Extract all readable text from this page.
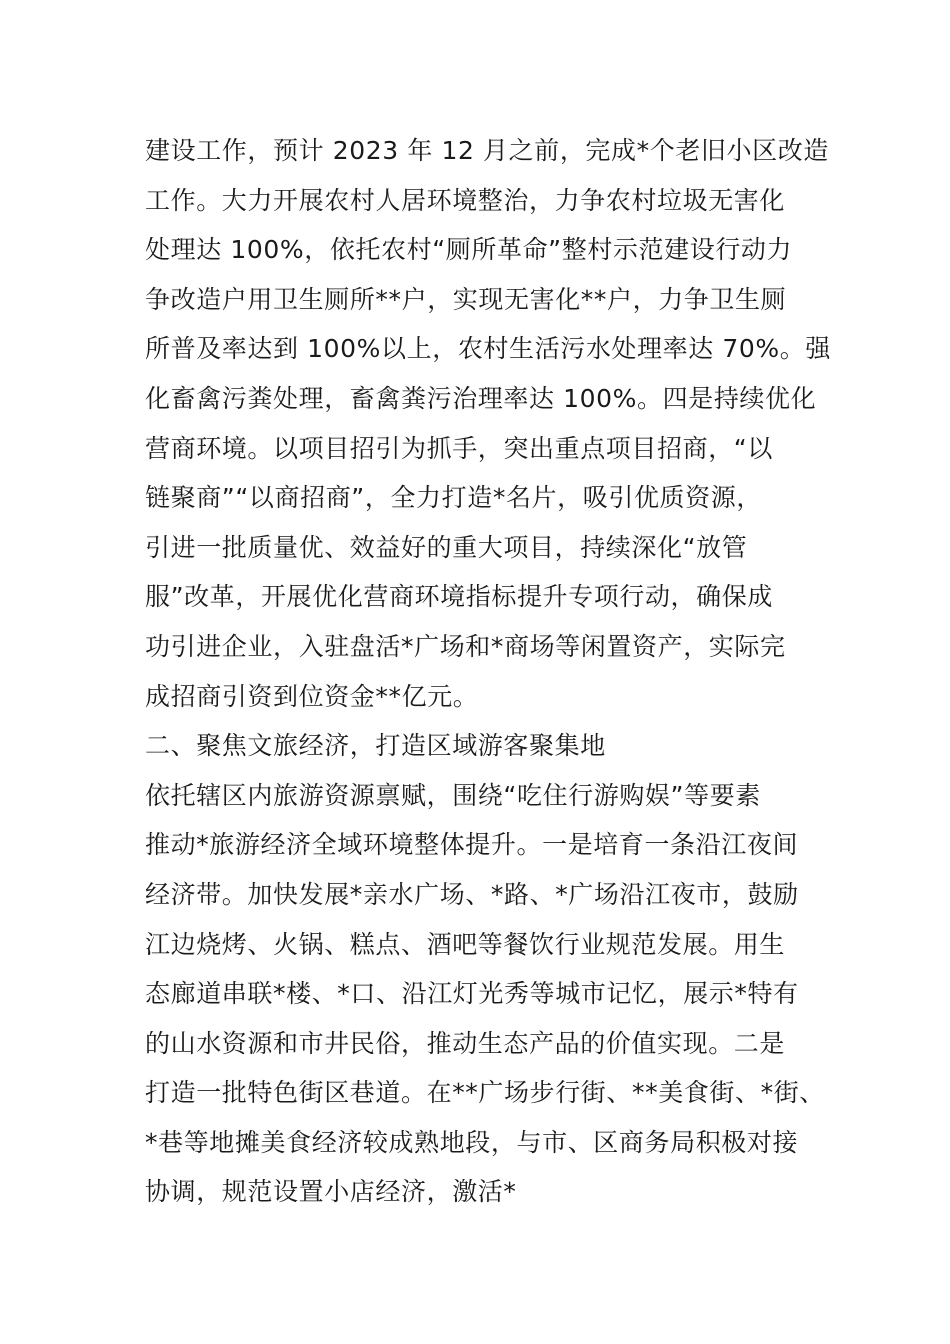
建设工作，预计 2023 年 12 月之前，完成*个老旧小区改造
工作。大力开展农村人居环境整治，力争农村垃圾无害化
处理达 100%，依托农村“厕所革命”整村示范建设行动力
争改造户用卫生厕所**户，实现无害化**户，力争卫生厕
所普及率达到 100%以上，农村生活污水处理率达 70%。强
化畜禽污粪处理，畜禽粪污治理率达 100%。四是持续优化
营商环境。以项目招引为抓手，突出重点项目招商，“以
链聚商”“以商招商”，全力打造*名片，吸引优质资源，
引进一批质量优、效益好的重大项目，持续深化“放管
服”改革，开展优化营商环境指标提升专项行动，确保成
功引进企业，入驻盘活*广场和*商场等闲置资产，实际完
成招商引资到位资金**亿元。
二、聚焦文旅经济，打造区域游客聚集地
依托辖区内旅游资源禀赋，围绕“吃住行游购娱”等要素
推动*旅游经济全域环境整体提升。一是培育一条沿江夜间
经济带。加快发展*亲水广场、*路、*广场沿江夜市，鼓励
江边烧烤、火锅、糕点、酒吧等餐饮行业规范发展。用生
态廊道串联*楼、*口、沿江灯光秀等城市记忆，展示*特有
的山水资源和市井民俗，推动生态产品的价值实现。二是
打造一批特色街区巷道。在**广场步行街、**美食街、*街、
*巷等地摊美食经济较成熟地段，与市、区商务局积极对接
协调，规范设置小店经济，激活*
